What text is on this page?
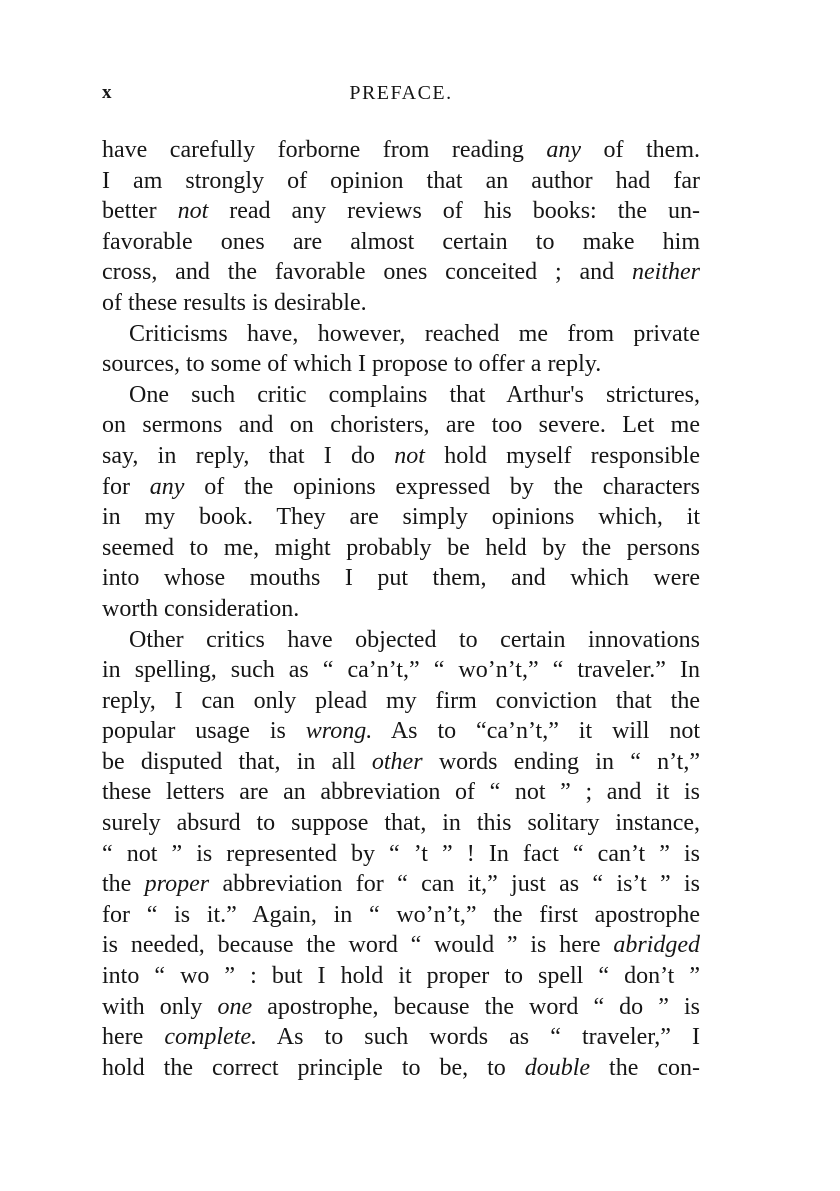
x	PREFACE.
have carefully forborne from reading any of them.
I am strongly of opinion that an author had far
better not read any reviews of his books: the un-
favorable ones are almost certain to make him
cross, and the favorable ones conceited ; and neither
of these results is desirable.
Criticisms have, however, reached me from private
sources, to some of which I propose to offer a reply.
One such critic complains that Arthur's strictures,
on sermons and on choristers, are too severe. Let me
say, in reply, that I do not hold myself responsible
for any of the opinions expressed by the characters
in my book. They are simply opinions which, it
seemed to me, might probably be held by the persons
into whose mouths I put them, and which were
worth consideration.
Other critics have objected to certain innovations
in spelling, such as “ ca’n’t,” “ wo’n’t,” “ traveler.” In
reply, I can only plead my firm conviction that the
popular usage is wrong. As to “ca’n’t,” it will not
be disputed that, in all other words ending in “ n’t,”
these letters are an abbreviation of “ not ” ; and it is
surely absurd to suppose that, in this solitary instance,
“ not ” is represented by “ ’t ” ! In fact “ can’t ” is
the proper abbreviation for “ can it,” just as “ is’t ” is
for “ is it.” Again, in “ wo’n’t,” the first apostrophe
is needed, because the word “ would ” is here abridged
into “ wo ” : but I hold it proper to spell “ don’t ”
with only one apostrophe, because the word “ do ” is
here complete. As to such words as “ traveler,” I
hold the correct principle to be, to double the con-
